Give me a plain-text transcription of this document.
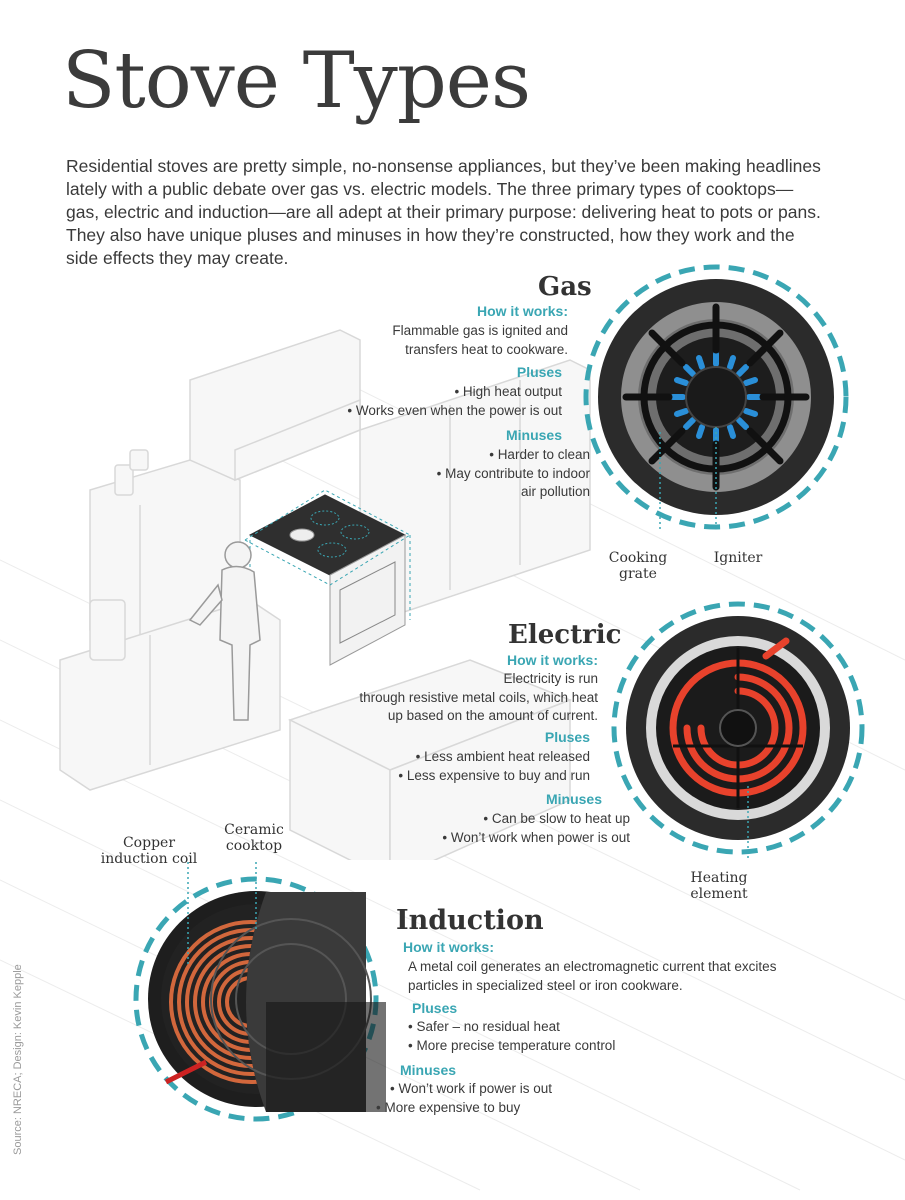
Stove Types

Residential stoves are pretty simple, no-nonsense appliances, but they’ve been making headlines lately with a public debate over gas vs. electric models. The three primary types of cooktops—gas, electric and induction—are all adept at their primary purpose: delivering heat to pots or pans. They also have unique pluses and minuses in how they’re constructed, how they work and the side effects they may create.

Gas
How it works:
Flammable gas is ignited and
transfers heat to cookware.
Pluses
• High heat output
• Works even when the power is out
Minuses
• Harder to clean
• May contribute to indoor
air pollution
Cooking
grate
Igniter
Electric
How it works:
Electricity is run
through resistive metal coils, which heat
up based on the amount of current.
Pluses
• Less ambient heat released
• Less expensive to buy and run
Minuses
• Can be slow to heat up
• Won’t work when power is out
Heating
element
Copper
induction coil
Ceramic
cooktop
Induction
How it works:
A metal coil generates an electromagnetic current that excites
particles in specialized steel or iron cookware.
Pluses
• Safer – no residual heat
• More precise temperature control
Minuses
• Won’t work if power is out
• More expensive to buy
Source: NRECA; Design: Kevin Kepple
